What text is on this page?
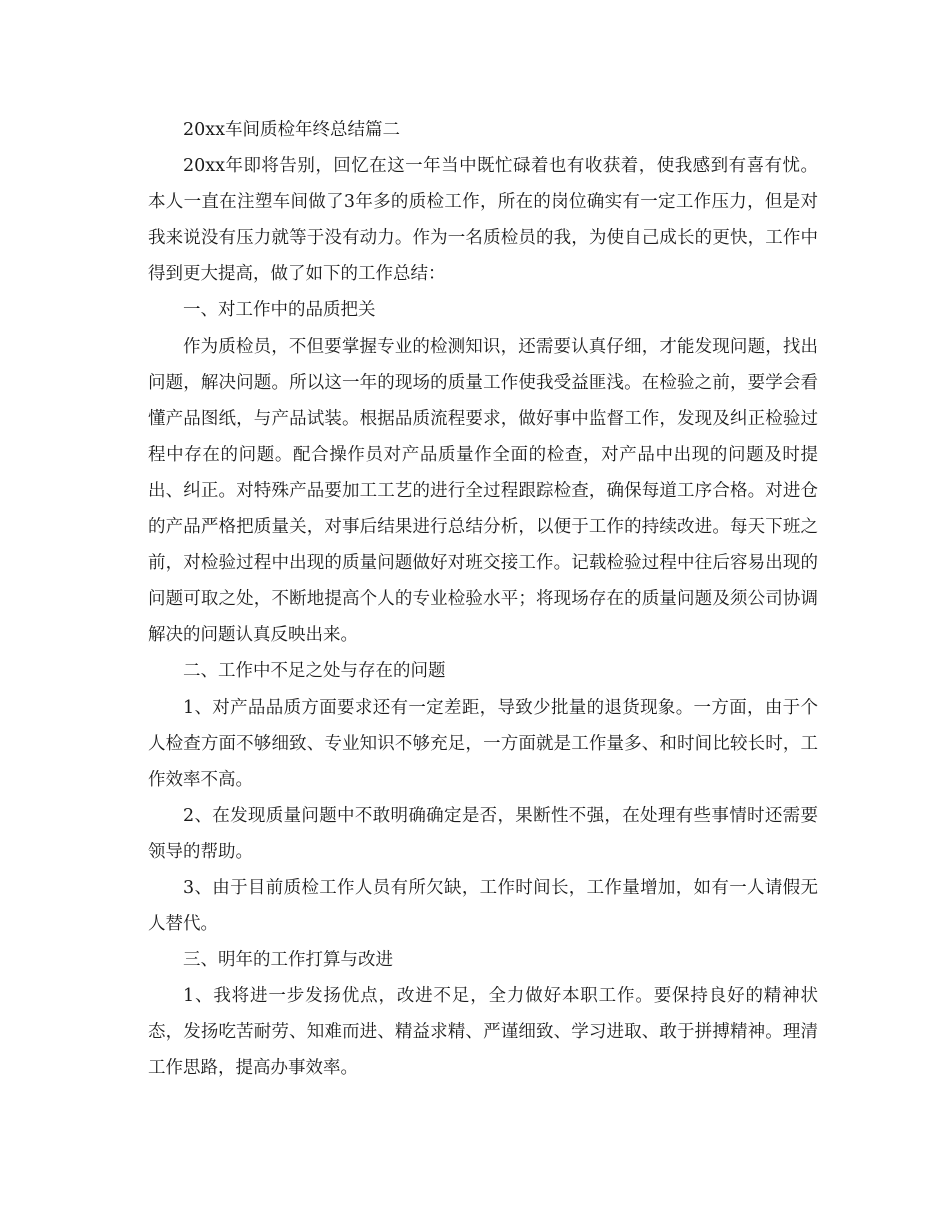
20xx车间质检年终总结篇二

20xx年即将告别，回忆在这一年当中既忙碌着也有收获着，使我感到有喜有忧。本人一直在注塑车间做了3年多的质检工作，所在的岗位确实有一定工作压力，但是对我来说没有压力就等于没有动力。作为一名质检员的我，为使自己成长的更快，工作中得到更大提高，做了如下的工作总结：

一、对工作中的品质把关

作为质检员，不但要掌握专业的检测知识，还需要认真仔细，才能发现问题，找出问题，解决问题。所以这一年的现场的质量工作使我受益匪浅。在检验之前，要学会看懂产品图纸，与产品试装。根据品质流程要求，做好事中监督工作，发现及纠正检验过程中存在的问题。配合操作员对产品质量作全面的检查，对产品中出现的问题及时提出、纠正。对特殊产品要加工工艺的进行全过程跟踪检查，确保每道工序合格。对进仓的产品严格把质量关，对事后结果进行总结分析，以便于工作的持续改进。每天下班之前，对检验过程中出现的质量问题做好对班交接工作。记载检验过程中往后容易出现的问题可取之处，不断地提高个人的专业检验水平；将现场存在的质量问题及须公司协调解决的问题认真反映出来。

二、工作中不足之处与存在的问题

1、对产品品质方面要求还有一定差距，导致少批量的退货现象。一方面，由于个人检查方面不够细致、专业知识不够充足，一方面就是工作量多、和时间比较长时，工作效率不高。

2、在发现质量问题中不敢明确确定是否，果断性不强，在处理有些事情时还需要领导的帮助。

3、由于目前质检工作人员有所欠缺，工作时间长，工作量增加，如有一人请假无人替代。

三、明年的工作打算与改进

1、我将进一步发扬优点，改进不足，全力做好本职工作。要保持良好的精神状态，发扬吃苦耐劳、知难而进、精益求精、严谨细致、学习进取、敢于拼搏精神。理清工作思路，提高办事效率。
